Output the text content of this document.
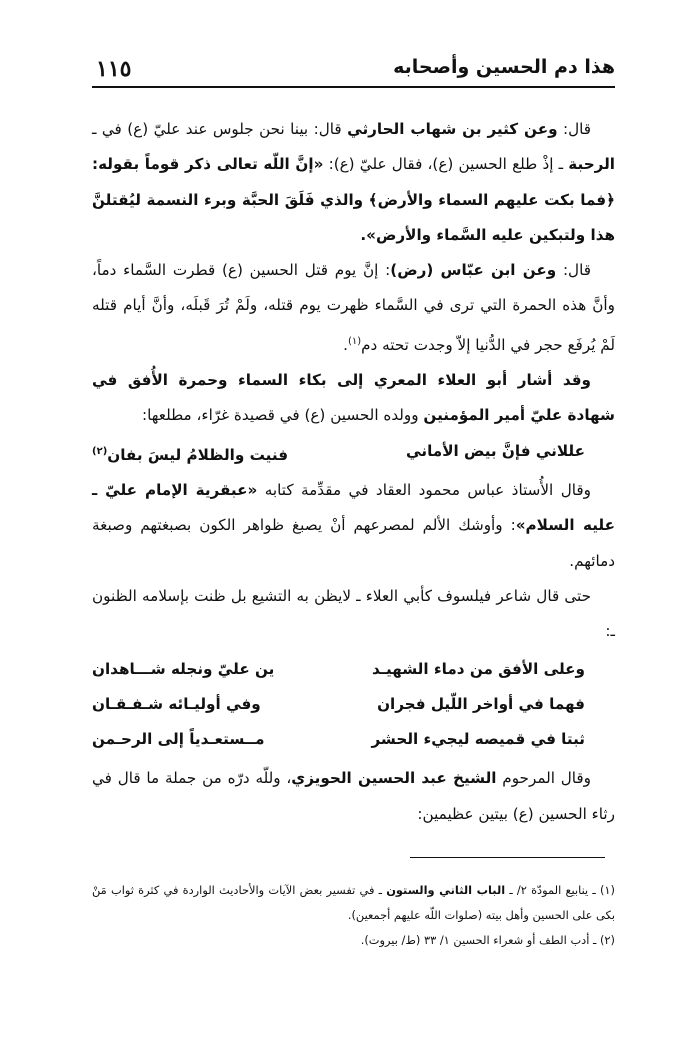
١١٥	هذا دم الحسين وأصحابه

قال: وعن كثير بن شهاب الحارثي قال: بينا نحن جلوس عند عليّ (ع) في ـ الرحبة ـ إذْ طلع الحسين (ع)، فقال عليّ (ع): «إنَّ اللّه تعالى ذكر قوماً بقوله: ﴿فما بكت عليهم السماء والأرض﴾ والذي فَلَقَ الحبَّة وبرء النسمة ليُقتلنَّ هذا ولتبكين عليه السَّماء والأرض».

قال: وعن ابن عبّاس (رض): إنَّ يوم قتل الحسين (ع) قطرت السَّماء دماً، وأنَّ هذه الحمرة التي ترى في السَّماء ظهرت يوم قتله، ولَمْ تُرَ قَبلَه، وأنَّ أيام قتله لَمْ يُرفَع حجر في الدُّنيا إلاّ وجدت تحته دم$^{(١)}$.

وقد أشار أبو العلاء المعري إلى بكاء السماء وحمرة الأُفق في شهادة عليّ أمير المؤمنين وولده الحسين (ع) في قصيدة غرّاء، مطلعها:

عللاني فإنَّ بيض الأماني
فنيت والظلامُ ليسَ بفان$^{(٢)}$

وقال الأُستاذ عباس محمود العقاد في مقدِّمة كتابه «عبقرية الإمام عليّ ـ عليه السلام»: وأوشك الألم لمصرعهم أنْ يصبغ ظواهر الكون بصبغتهم وصبغة دمائهم.

حتى قال شاعر فيلسوف كأبي العلاء ـ لايظن به التشيع بل ظنت بإسلامه الظنون ـ:

وعلى الأفق من دماء الشهيـد
ين عليّ ونجله شـــاهدان
فهما في أواخر اللّيل فجران
وفي أوليـائه شـفـقـان
ثبتا في قميصه ليجيء الحشر
مــستعـدياً إلى الرحـمن

وقال المرحوم الشيخ عبد الحسين الحويزي، وللّه درّه من جملة ما قال في رثاء الحسين (ع) بيتين عظيمين:

(١) ـ ينابيع المودّة ٢/ ـ الباب الثاني والستون ـ في تفسير بعض الآيات والأحاديث الواردة في كثرة ثواب مَنْ بكى على الحسين وأهل بيته (صلوات اللّه عليهم أجمعين).

(٢) ـ أدب الطف أو شعراء الحسين ١/ ٣٣ (ط/ بيروت).
